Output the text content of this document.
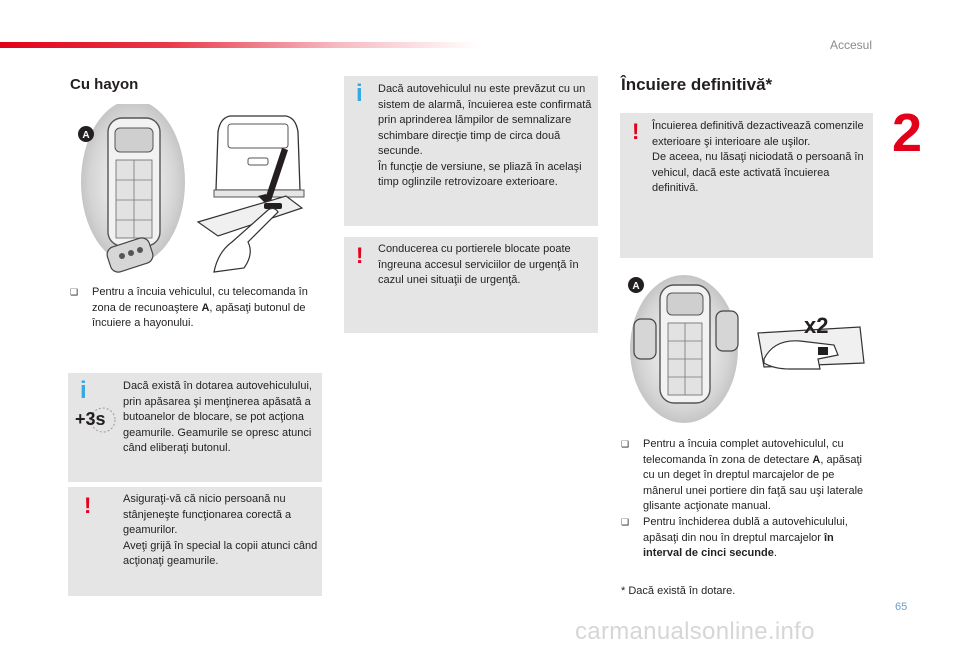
Accesul
2
Cu hayon
A
❑ Pentru a încuia vehiculul, cu telecomanda în zona de recunoaştere A, apăsaţi butonul de încuiere a hayonului.
i
+3s
Dacă există în dotarea autovehiculului, prin apăsarea şi menţinerea apăsată a butoanelor de blocare, se pot acţiona geamurile. Geamurile se opresc atunci când eliberaţi butonul.
!	Asiguraţi-vă că nicio persoană nu stânjeneşte funcţionarea corectă a geamurilor.
Aveţi grijă în special la copii atunci când acţionaţi geamurile.
i Dacă autovehiculul nu este prevăzut cu un sistem de alarmă, încuierea este confirmată prin aprinderea lămpilor de semnalizare schimbare direcţie timp de circa două secunde.
În funcţie de versiune, se pliază în acelaşi timp oglinzile retrovizoare exterioare.
! Conducerea cu portierele blocate poate îngreuna accesul serviciilor de urgenţă în cazul unei situaţii de urgenţă.
Încuiere definitivă*
! Încuierea definitivă dezactivează comenzile exterioare şi interioare ale uşilor.
De aceea, nu lăsaţi niciodată o persoană în vehicul, dacă este activată încuierea definitivă.
A
x2
❑ Pentru a încuia complet autovehiculul, cu telecomanda în zona de detectare A, apăsaţi cu un deget în dreptul marcajelor de pe mânerul unei portiere din faţă sau uşi laterale glisante acţionate manual.
❑ Pentru închiderea dublă a autovehiculului, apăsaţi din nou în dreptul marcajelor în interval de cinci secunde.
* Dacă există în dotare.
65
carmanualsonline.info
